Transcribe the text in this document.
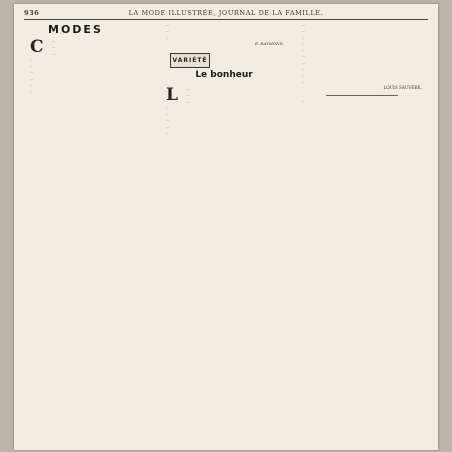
936	LA MODE ILLUSTRÉE, JOURNAL DE LA FAMILLE.
MODES

C …

…

…

…

…

…

…

…

…

…

…

…

E. RAYMOND.
VARIÉTÉ
Le bonheur

L …

…

…

…

…

…

…

…

…

…

…

…

…

…

…

…

…

…

LOUIS SAUVÉBE.

…
